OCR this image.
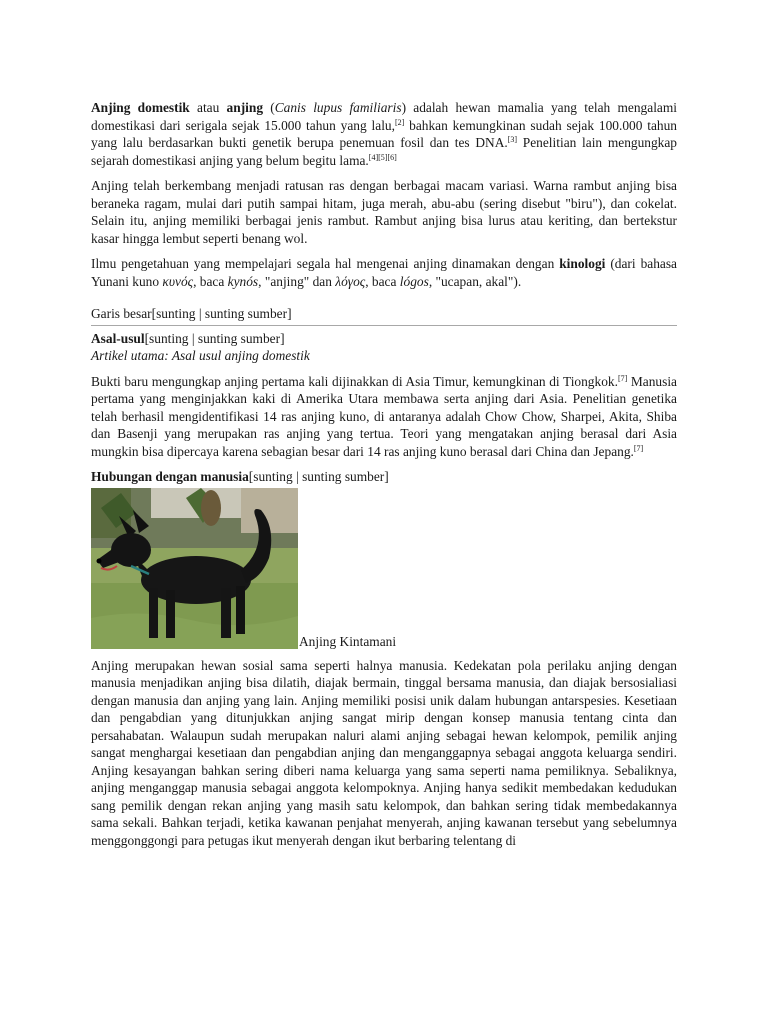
Anjing domestik atau anjing (Canis lupus familiaris) adalah hewan mamalia yang telah mengalami domestikasi dari serigala sejak 15.000 tahun yang lalu,[2] bahkan kemungkinan sudah sejak 100.000 tahun yang lalu berdasarkan bukti genetik berupa penemuan fosil dan tes DNA.[3] Penelitian lain mengungkap sejarah domestikasi anjing yang belum begitu lama.[4][5][6]

Anjing telah berkembang menjadi ratusan ras dengan berbagai macam variasi. Warna rambut anjing bisa beraneka ragam, mulai dari putih sampai hitam, juga merah, abu-abu (sering disebut "biru"), dan cokelat. Selain itu, anjing memiliki berbagai jenis rambut. Rambut anjing bisa lurus atau keriting, dan bertekstur kasar hingga lembut seperti benang wol.

Ilmu pengetahuan yang mempelajari segala hal mengenai anjing dinamakan dengan kinologi (dari bahasa Yunani kuno κυνός, baca kynós, "anjing" dan λόγος, baca lógos, "ucapan, akal").

Garis besar[sunting | sunting sumber]
Asal-usul[sunting | sunting sumber]
Artikel utama: Asal usul anjing domestik

Bukti baru mengungkap anjing pertama kali dijinakkan di Asia Timur, kemungkinan di Tiongkok.[7] Manusia pertama yang menginjakkan kaki di Amerika Utara membawa serta anjing dari Asia. Penelitian genetika telah berhasil mengidentifikasi 14 ras anjing kuno, di antaranya adalah Chow Chow, Sharpei, Akita, Shiba dan Basenji yang merupakan ras anjing yang tertua. Teori yang mengatakan anjing berasal dari Asia mungkin bisa dipercaya karena sebagian besar dari 14 ras anjing kuno berasal dari China dan Jepang.[7]

Hubungan dengan manusia[sunting | sunting sumber]
Anjing Kintamani

Anjing merupakan hewan sosial sama seperti halnya manusia. Kedekatan pola perilaku anjing dengan manusia menjadikan anjing bisa dilatih, diajak bermain, tinggal bersama manusia, dan diajak bersosialiasi dengan manusia dan anjing yang lain. Anjing memiliki posisi unik dalam hubungan antarspesies. Kesetiaan dan pengabdian yang ditunjukkan anjing sangat mirip dengan konsep manusia tentang cinta dan persahabatan. Walaupun sudah merupakan naluri alami anjing sebagai hewan kelompok, pemilik anjing sangat menghargai kesetiaan dan pengabdian anjing dan menganggapnya sebagai anggota keluarga sendiri. Anjing kesayangan bahkan sering diberi nama keluarga yang sama seperti nama pemiliknya. Sebaliknya, anjing menganggap manusia sebagai anggota kelompoknya. Anjing hanya sedikit membedakan kedudukan sang pemilik dengan rekan anjing yang masih satu kelompok, dan bahkan sering tidak membedakannya sama sekali. Bahkan terjadi, ketika kawanan penjahat menyerah, anjing kawanan tersebut yang sebelumnya menggonggongi para petugas ikut menyerah dengan ikut berbaring telentang di
